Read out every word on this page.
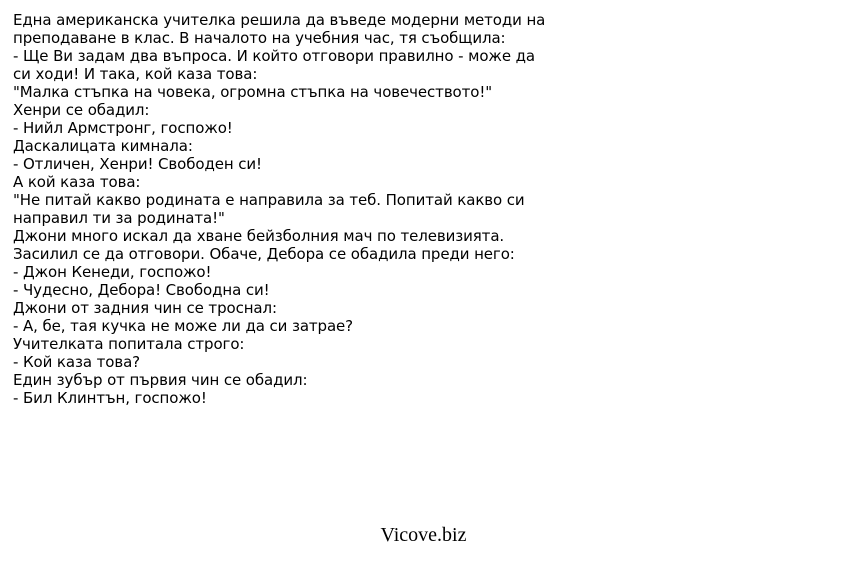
Една американска учителка решила да въведе модерни методи на
преподаване в клас. В началото на учебния час, тя съобщила:
- Ще Ви задам два въпроса. И който отговори правилно - може да
си ходи! И така, кой каза това:
"Малка стъпка на човека, огромна стъпка на човечеството!"
Хенри се обадил:
- Нийл Армстронг, госпожо!
Даскалицата кимнала:
- Отличен, Хенри! Свободен си!
А кой каза това:
"Не питай какво родината е направила за теб. Попитай какво си
направил ти за родината!"
Джони много искал да хване бейзболния мач по телевизията.
Засилил се да отговори. Обаче, Дебора се обадила преди него:
- Джон Кенеди, госпожо!
- Чудесно, Дебора! Свободна си!
Джони от задния чин се троснал:
- А, бе, тая кучка не може ли да си затрае?
Учителката попитала строго:
- Кой каза това?
Един зубър от първия чин се обадил:
- Бил Клинтън, госпожо!
Vicove.biz
